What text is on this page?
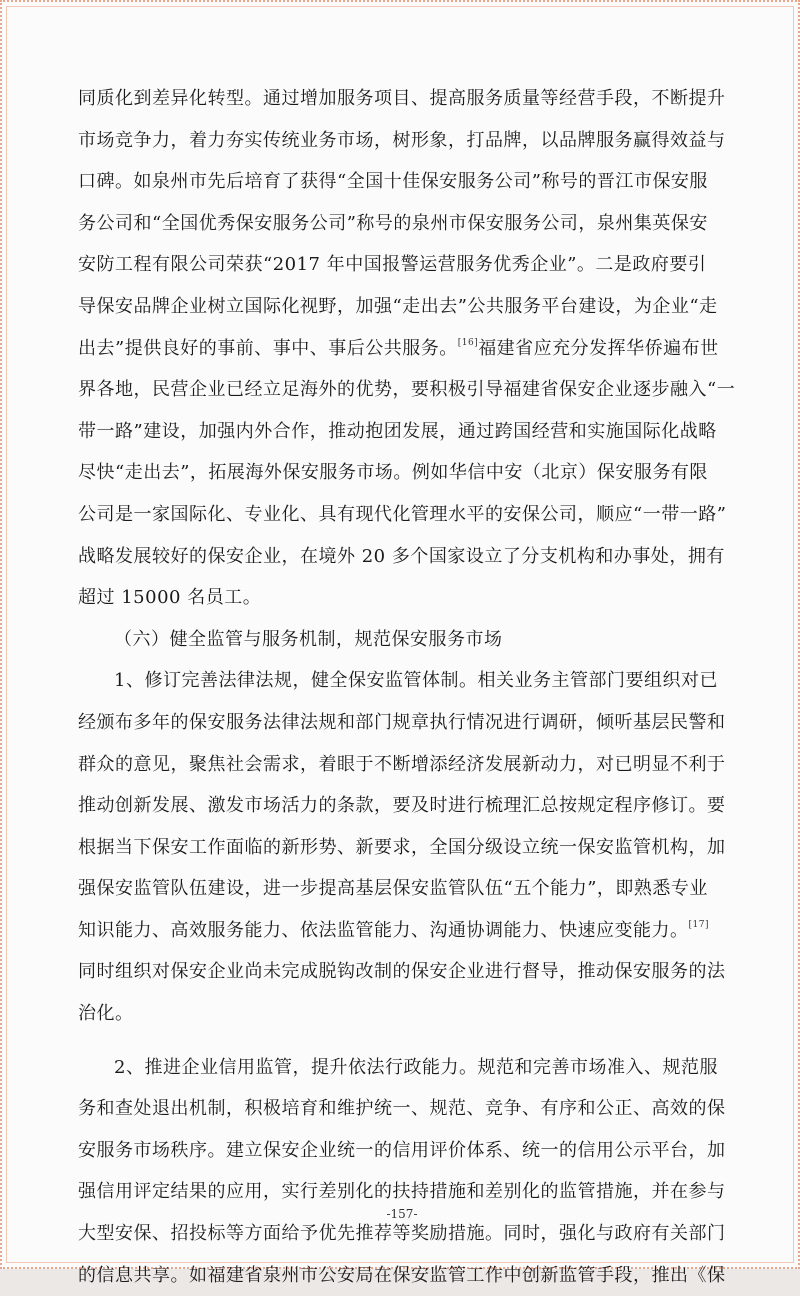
同质化到差异化转型。通过增加服务项目、提高服务质量等经营手段，不断提升
市场竞争力，着力夯实传统业务市场，树形象，打品牌，以品牌服务赢得效益与
口碑。如泉州市先后培育了获得“全国十佳保安服务公司”称号的晋江市保安服
务公司和“全国优秀保安服务公司”称号的泉州市保安服务公司，泉州集英保安
安防工程有限公司荣获“2017 年中国报警运营服务优秀企业”。二是政府要引
导保安品牌企业树立国际化视野，加强“走出去”公共服务平台建设，为企业“走
出去”提供良好的事前、事中、事后公共服务。[16]福建省应充分发挥华侨遍布世
界各地，民营企业已经立足海外的优势，要积极引导福建省保安企业逐步融入“一
带一路”建设，加强内外合作，推动抱团发展，通过跨国经营和实施国际化战略
尽快“走出去”，拓展海外保安服务市场。例如华信中安（北京）保安服务有限
公司是一家国际化、专业化、具有现代化管理水平的安保公司，顺应“一带一路”
战略发展较好的保安企业，在境外 20 多个国家设立了分支机构和办事处，拥有
超过 15000 名员工。
（六）健全监管与服务机制，规范保安服务市场
1、修订完善法律法规，健全保安监管体制。相关业务主管部门要组织对已
经颁布多年的保安服务法律法规和部门规章执行情况进行调研，倾听基层民警和
群众的意见，聚焦社会需求，着眼于不断增添经济发展新动力，对已明显不利于
推动创新发展、激发市场活力的条款，要及时进行梳理汇总按规定程序修订。要
根据当下保安工作面临的新形势、新要求，全国分级设立统一保安监管机构，加
强保安监管队伍建设，进一步提高基层保安监管队伍“五个能力”，即熟悉专业
知识能力、高效服务能力、依法监管能力、沟通协调能力、快速应变能力。[17]
同时组织对保安企业尚未完成脱钩改制的保安企业进行督导，推动保安服务的法
治化。
2、推进企业信用监管，提升依法行政能力。规范和完善市场准入、规范服
务和查处退出机制，积极培育和维护统一、规范、竞争、有序和公正、高效的保
安服务市场秩序。建立保安企业统一的信用评价体系、统一的信用公示平台，加
强信用评定结果的应用，实行差别化的扶持措施和差别化的监管措施，并在参与
大型安保、招投标等方面给予优先推荐等奖励措施。同时，强化与政府有关部门
的信息共享。如福建省泉州市公安局在保安监管工作中创新监管手段，推出《保
-157-
